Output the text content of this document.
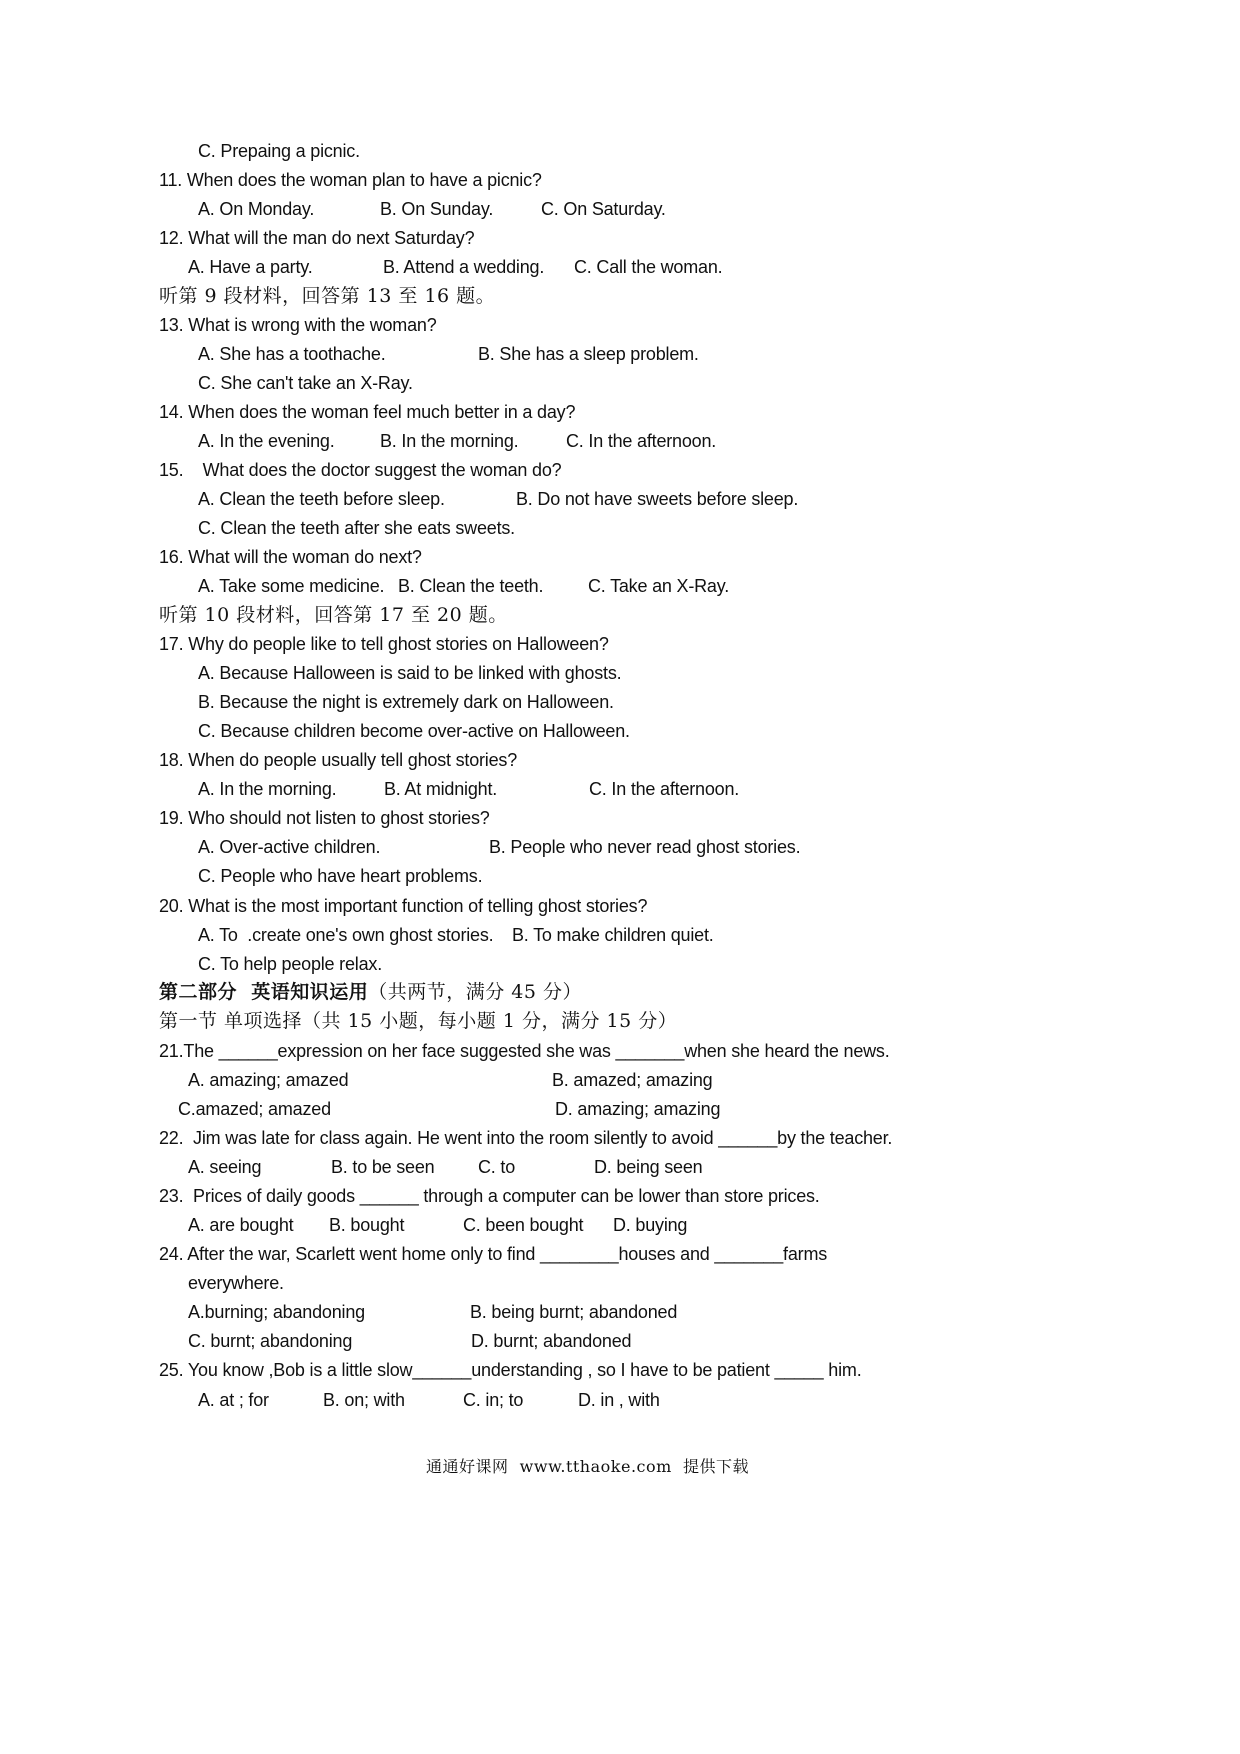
C. Prepaing a picnic.
11. When does the woman plan to have a picnic?
A. On Monday.	B. On Sunday.	C. On Saturday.
12. What will the man do next Saturday?
A. Have a party.	B. Attend a wedding. C. Call the woman.
听第 9 段材料，回答第 13 至 16 题。
13. What is wrong with the woman?
A. She has a toothache.	B. She has a sleep problem.
C. She can't take an X-Ray.
14. When does the woman feel much better in a day?
A. In the evening.	B. In the morning.	C. In the afternoon.
15.    What does the doctor suggest the woman do?
A. Clean the teeth before sleep.	B. Do not have sweets before sleep.
C. Clean the teeth after she eats sweets.
16. What will the woman do next?
A. Take some medicine. B. Clean the teeth. C. Take an X-Ray.
听第 10 段材料，回答第 17 至 20 题。
17. Why do people like to tell ghost stories on Halloween?
A. Because Halloween is said to be linked with ghosts.
B. Because the night is extremely dark on Halloween.
C. Because children become over-active on Halloween.
18. When do people usually tell ghost stories?
A. In the morning.	B. At midnight.	C. In the afternoon.
19. Who should not listen to ghost stories?
A. Over-active children.	B. People who never read ghost stories.
C. People who have heart problems.
20. What is the most important function of telling ghost stories?
A. To  .create one's own ghost stories. B. To make children quiet.
C. To help people relax.
第二部分  英语知识运用（共两节，满分 45 分）
第一节 单项选择（共 15 小题，每小题 1 分，满分 15 分）
21.The ______expression on her face suggested she was _______when she heard the news.
A. amazing; amazed	B. amazed; amazing
C.amazed; amazed	D. amazing; amazing
22.  Jim was late for class again. He went into the room silently to avoid ______by the teacher.
A. seeing	B. to be seen C. to	D. being seen
23.  Prices of daily goods ______ through a computer can be lower than store prices.
A. are bought B. bought	C. been bought D. buying
24. After the war, Scarlett went home only to find ________houses and _______farms
everywhere.
A.burning; abandoning	B. being burnt; abandoned
C. burnt; abandoning	D. burnt; abandoned
25. You know ,Bob is a little slow______understanding , so I have to be patient _____ him.
A. at ; for	B. on; with	C. in; to	D. in , with
通通好课网  www.tthaoke.com  提供下载
